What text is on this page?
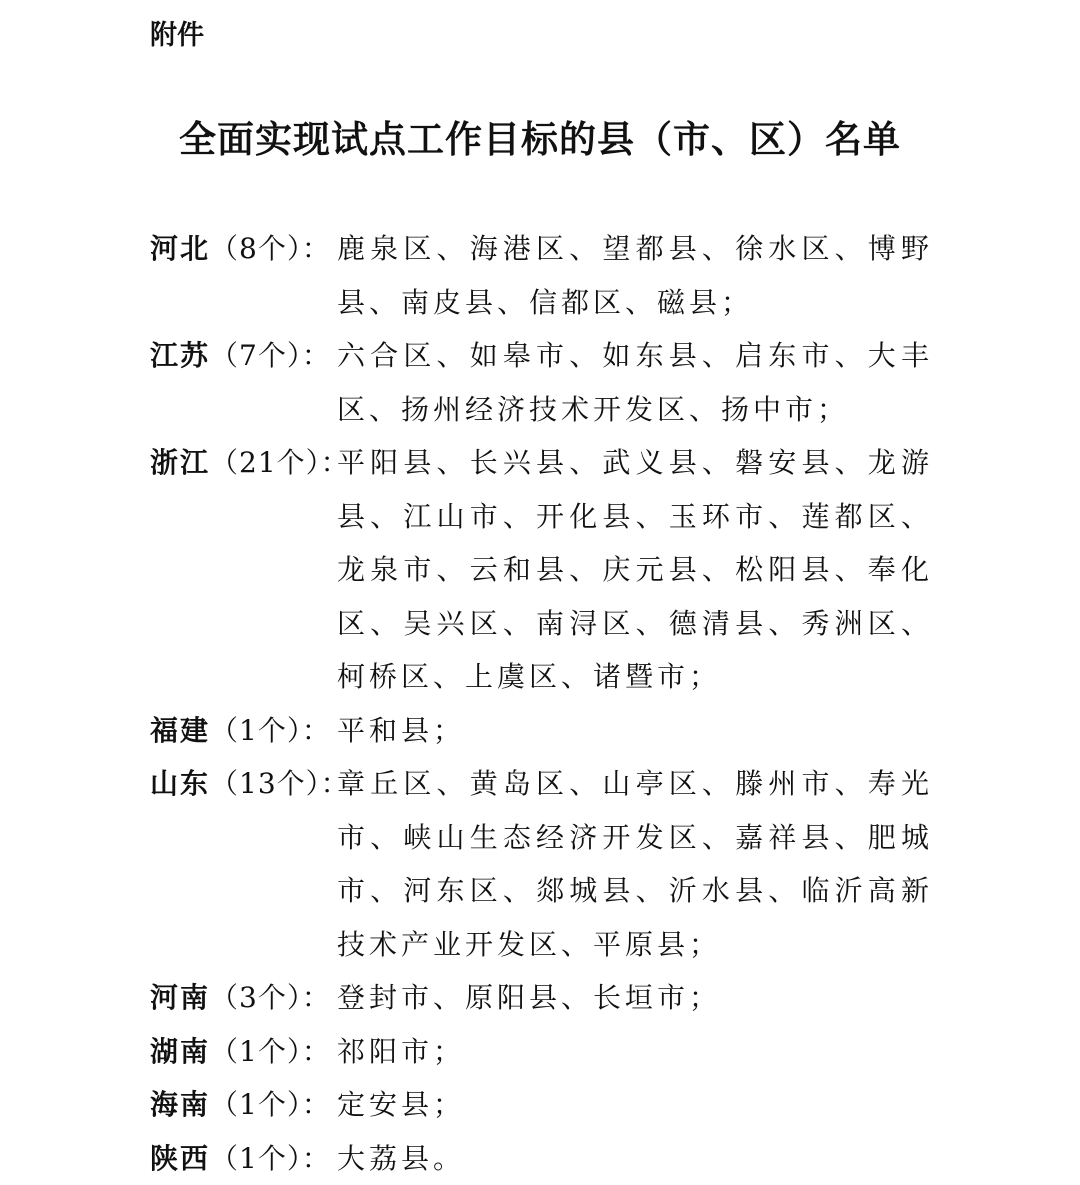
附件
全面实现试点工作目标的县（市、区）名单
河北（8个）： 鹿泉区、海港区、望都县、徐水区、博野县、南皮县、信都区、磁县；
江苏（7个）： 六合区、如皋市、如东县、启东市、大丰区、扬州经济技术开发区、扬中市；
浙江（21个）：
平阳县、长兴县、武义县、磐安县、龙游县、江山市、开化县、玉环市、莲都区、龙泉市、云和县、庆元县、松阳县、奉化区、吴兴区、南浔区、德清县、秀洲区、柯桥区、上虞区、诸暨市；
福建（1个）： 平和县；
山东（13个）：
章丘区、黄岛区、山亭区、滕州市、寿光市、峡山生态经济开发区、嘉祥县、肥城市、河东区、郯城县、沂水县、临沂高新技术产业开发区、平原县；
河南（3个）： 登封市、原阳县、长垣市；
湖南（1个）： 祁阳市；
海南（1个）： 定安县；
陕西（1个）： 大荔县。
